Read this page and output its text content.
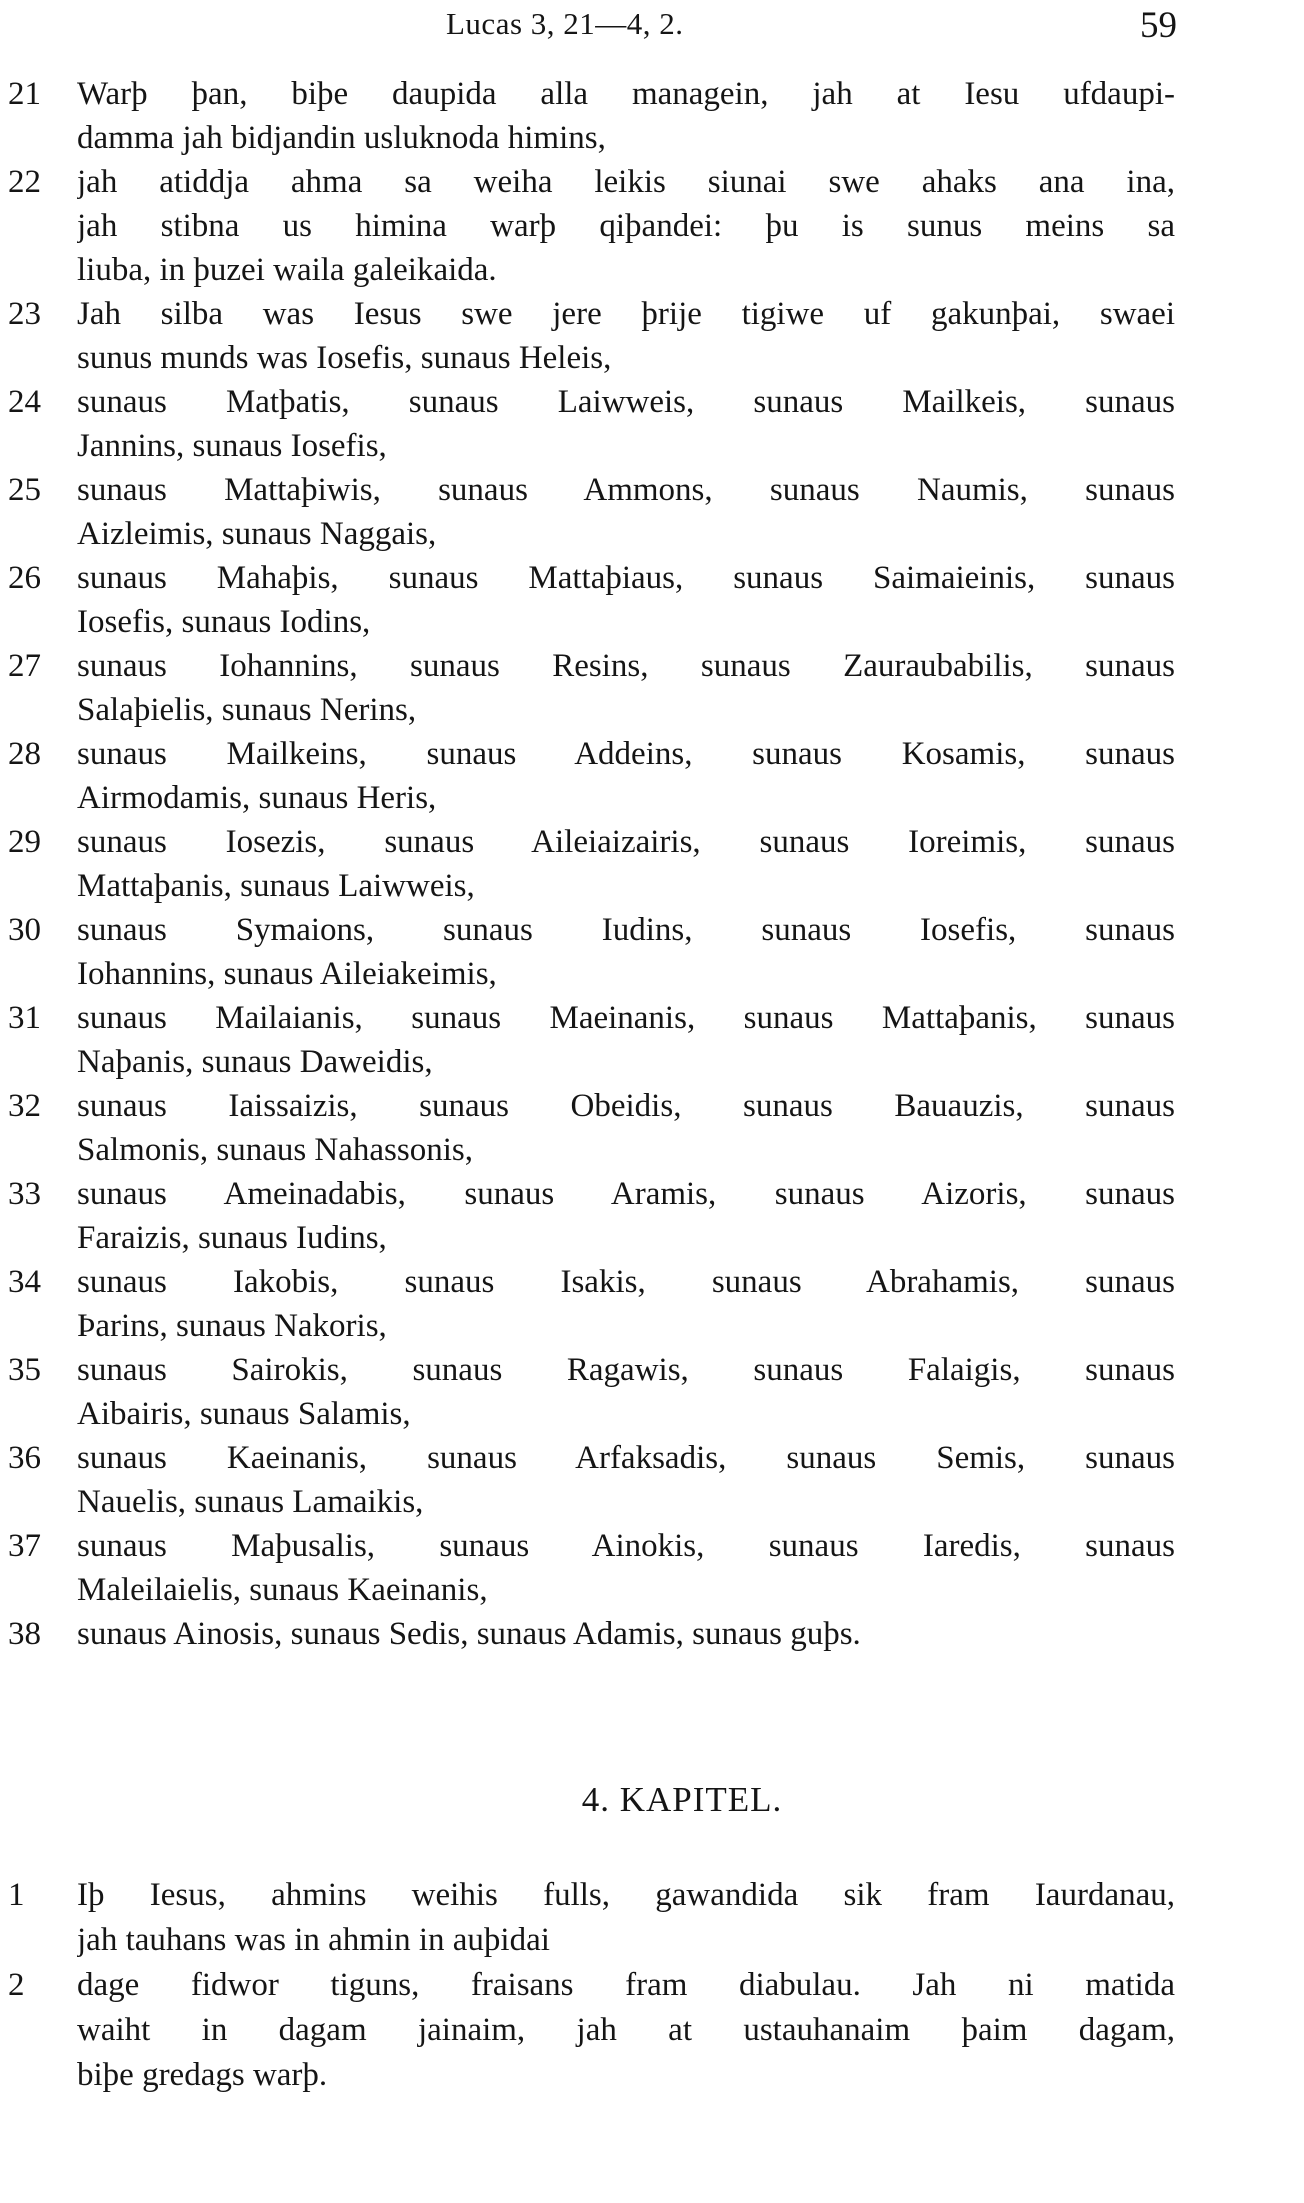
Lucas 3, 21—4, 2.	59
21	Warþ þan, biþe daupida alla managein, jah at Iesu ufdaupi-
damma jah bidjandin usluknoda himins,
22	jah atiddja ahma sa weiha leikis siunai swe ahaks ana ina,
jah stibna us himina warþ qiþandei: þu is sunus meins sa
liuba, in þuzei waila galeikaida.
23	Jah silba was Iesus swe jere þrije tigiwe uf gakunþai, swaei
sunus munds was Iosefis, sunaus Heleis,
24	sunaus Matþatis, sunaus Laiwweis, sunaus Mailkeis, sunaus
Jannins, sunaus Iosefis,
25	sunaus Mattaþiwis, sunaus Ammons, sunaus Naumis, sunaus
Aizleimis, sunaus Naggais,
26	sunaus Mahaþis, sunaus Mattaþiaus, sunaus Saimaieinis, sunaus
Iosefis, sunaus Iodins,
27	sunaus Iohannins, sunaus Resins, sunaus Zauraubabilis, sunaus
Salaþielis, sunaus Nerins,
28	sunaus Mailkeins, sunaus Addeins, sunaus Kosamis, sunaus
Airmodamis, sunaus Heris,
29	sunaus Iosezis, sunaus Aileiaizairis, sunaus Ioreimis, sunaus
Mattaþanis, sunaus Laiwweis,
30	sunaus Symaions, sunaus Iudins, sunaus Iosefis, sunaus
Iohannins, sunaus Aileiakeimis,
31	sunaus Mailaianis, sunaus Maeinanis, sunaus Mattaþanis, sunaus
Naþanis, sunaus Daweidis,
32	sunaus Iaissaizis, sunaus Obeidis, sunaus Bauauzis, sunaus
Salmonis, sunaus Nahassonis,
33	sunaus Ameinadabis, sunaus Aramis, sunaus Aizoris, sunaus
Faraizis, sunaus Iudins,
34	sunaus Iakobis, sunaus Isakis, sunaus Abrahamis, sunaus
Þarins, sunaus Nakoris,
35	sunaus Sairokis, sunaus Ragawis, sunaus Falaigis, sunaus
Aibairis, sunaus Salamis,
36	sunaus Kaeinanis, sunaus Arfaksadis, sunaus Semis, sunaus
Nauelis, sunaus Lamaikis,
37	sunaus Maþusalis, sunaus Ainokis, sunaus Iaredis, sunaus
Maleilaielis, sunaus Kaeinanis,
38	sunaus Ainosis, sunaus Sedis, sunaus Adamis, sunaus guþs.
4. KAPITEL.
1	Iþ Iesus, ahmins weihis fulls, gawandida sik fram Iaurdanau,
jah tauhans was in ahmin in auþidai
2	dage fidwor tiguns, fraisans fram diabulau. Jah ni matida
waiht in dagam jainaim, jah at ustauhanaim þaim dagam,
biþe gredags warþ.
